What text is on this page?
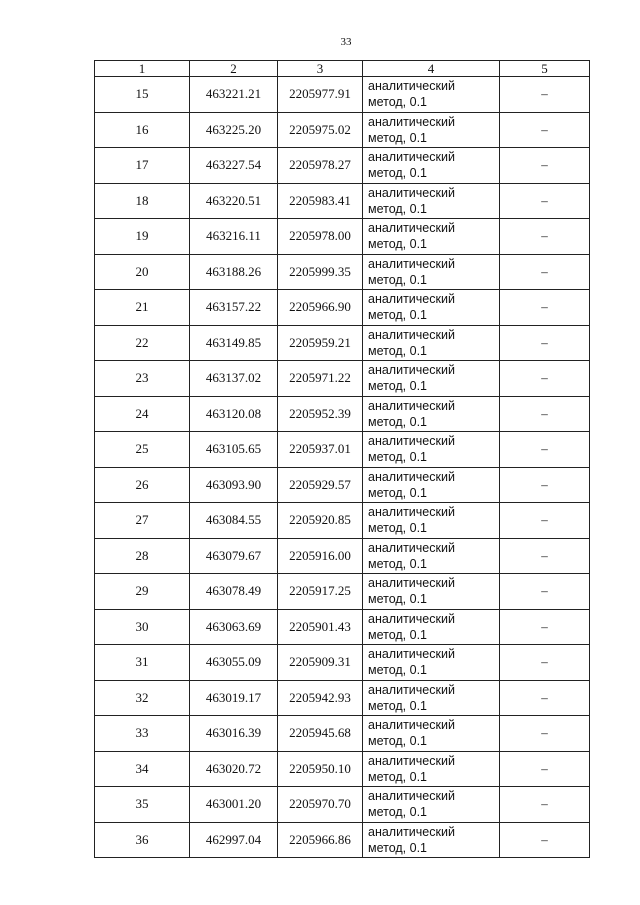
33
1	2	3	4	5
15	463221.21	2205977.91	аналитический
метод, 0.1	–
16	463225.20	2205975.02	аналитический
метод, 0.1	–
17	463227.54	2205978.27	аналитический
метод, 0.1	–
18	463220.51	2205983.41	аналитический
метод, 0.1	–
19	463216.11	2205978.00	аналитический
метод, 0.1	–
20	463188.26	2205999.35	аналитический
метод, 0.1	–
21	463157.22	2205966.90	аналитический
метод, 0.1	–
22	463149.85	2205959.21	аналитический
метод, 0.1	–
23	463137.02	2205971.22	аналитический
метод, 0.1	–
24	463120.08	2205952.39	аналитический
метод, 0.1	–
25	463105.65	2205937.01	аналитический
метод, 0.1	–
26	463093.90	2205929.57	аналитический
метод, 0.1	–
27	463084.55	2205920.85	аналитический
метод, 0.1	–
28	463079.67	2205916.00	аналитический
метод, 0.1	–
29	463078.49	2205917.25	аналитический
метод, 0.1	–
30	463063.69	2205901.43	аналитический
метод, 0.1	–
31	463055.09	2205909.31	аналитический
метод, 0.1	–
32	463019.17	2205942.93	аналитический
метод, 0.1	–
33	463016.39	2205945.68	аналитический
метод, 0.1	–
34	463020.72	2205950.10	аналитический
метод, 0.1	–
35	463001.20	2205970.70	аналитический
метод, 0.1	–
36	462997.04	2205966.86	аналитический
метод, 0.1	–
